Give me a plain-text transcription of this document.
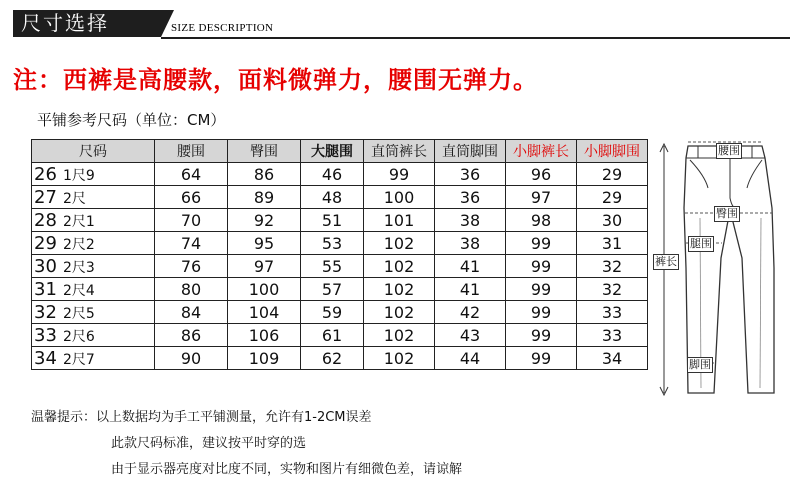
尺寸选择	SIZE DESCRIPTION
注：西裤是高腰款，面料微弹力，腰围无弹力。
平铺参考尺码（单位：CM）
尺码	腰围	臀围	大腿围	直筒裤长	直筒脚围	小脚裤长	小脚脚围
26 1尺9	64	86	46	99	36	96	29
27 2尺	66	89	48	100	36	97	29
28 2尺1	70	92	51	101	38	98	30
29 2尺2	74	95	53	102	38	99	31
30 2尺3	76	97	55	102	41	99	32
31 2尺4	80	100	57	102	41	99	32
32 2尺5	84	104	59	102	42	99	33
33 2尺6	86	106	61	102	43	99	33
34 2尺7	90	109	62	102	44	99	34
温馨提示：以上数据均为手工平铺测量，允许有1-2CM误差
此款尺码标准，建议按平时穿的选
由于显示器亮度对比度不同，实物和图片有细微色差，请谅解
腰围
臀围
腿围
裤长
脚围
